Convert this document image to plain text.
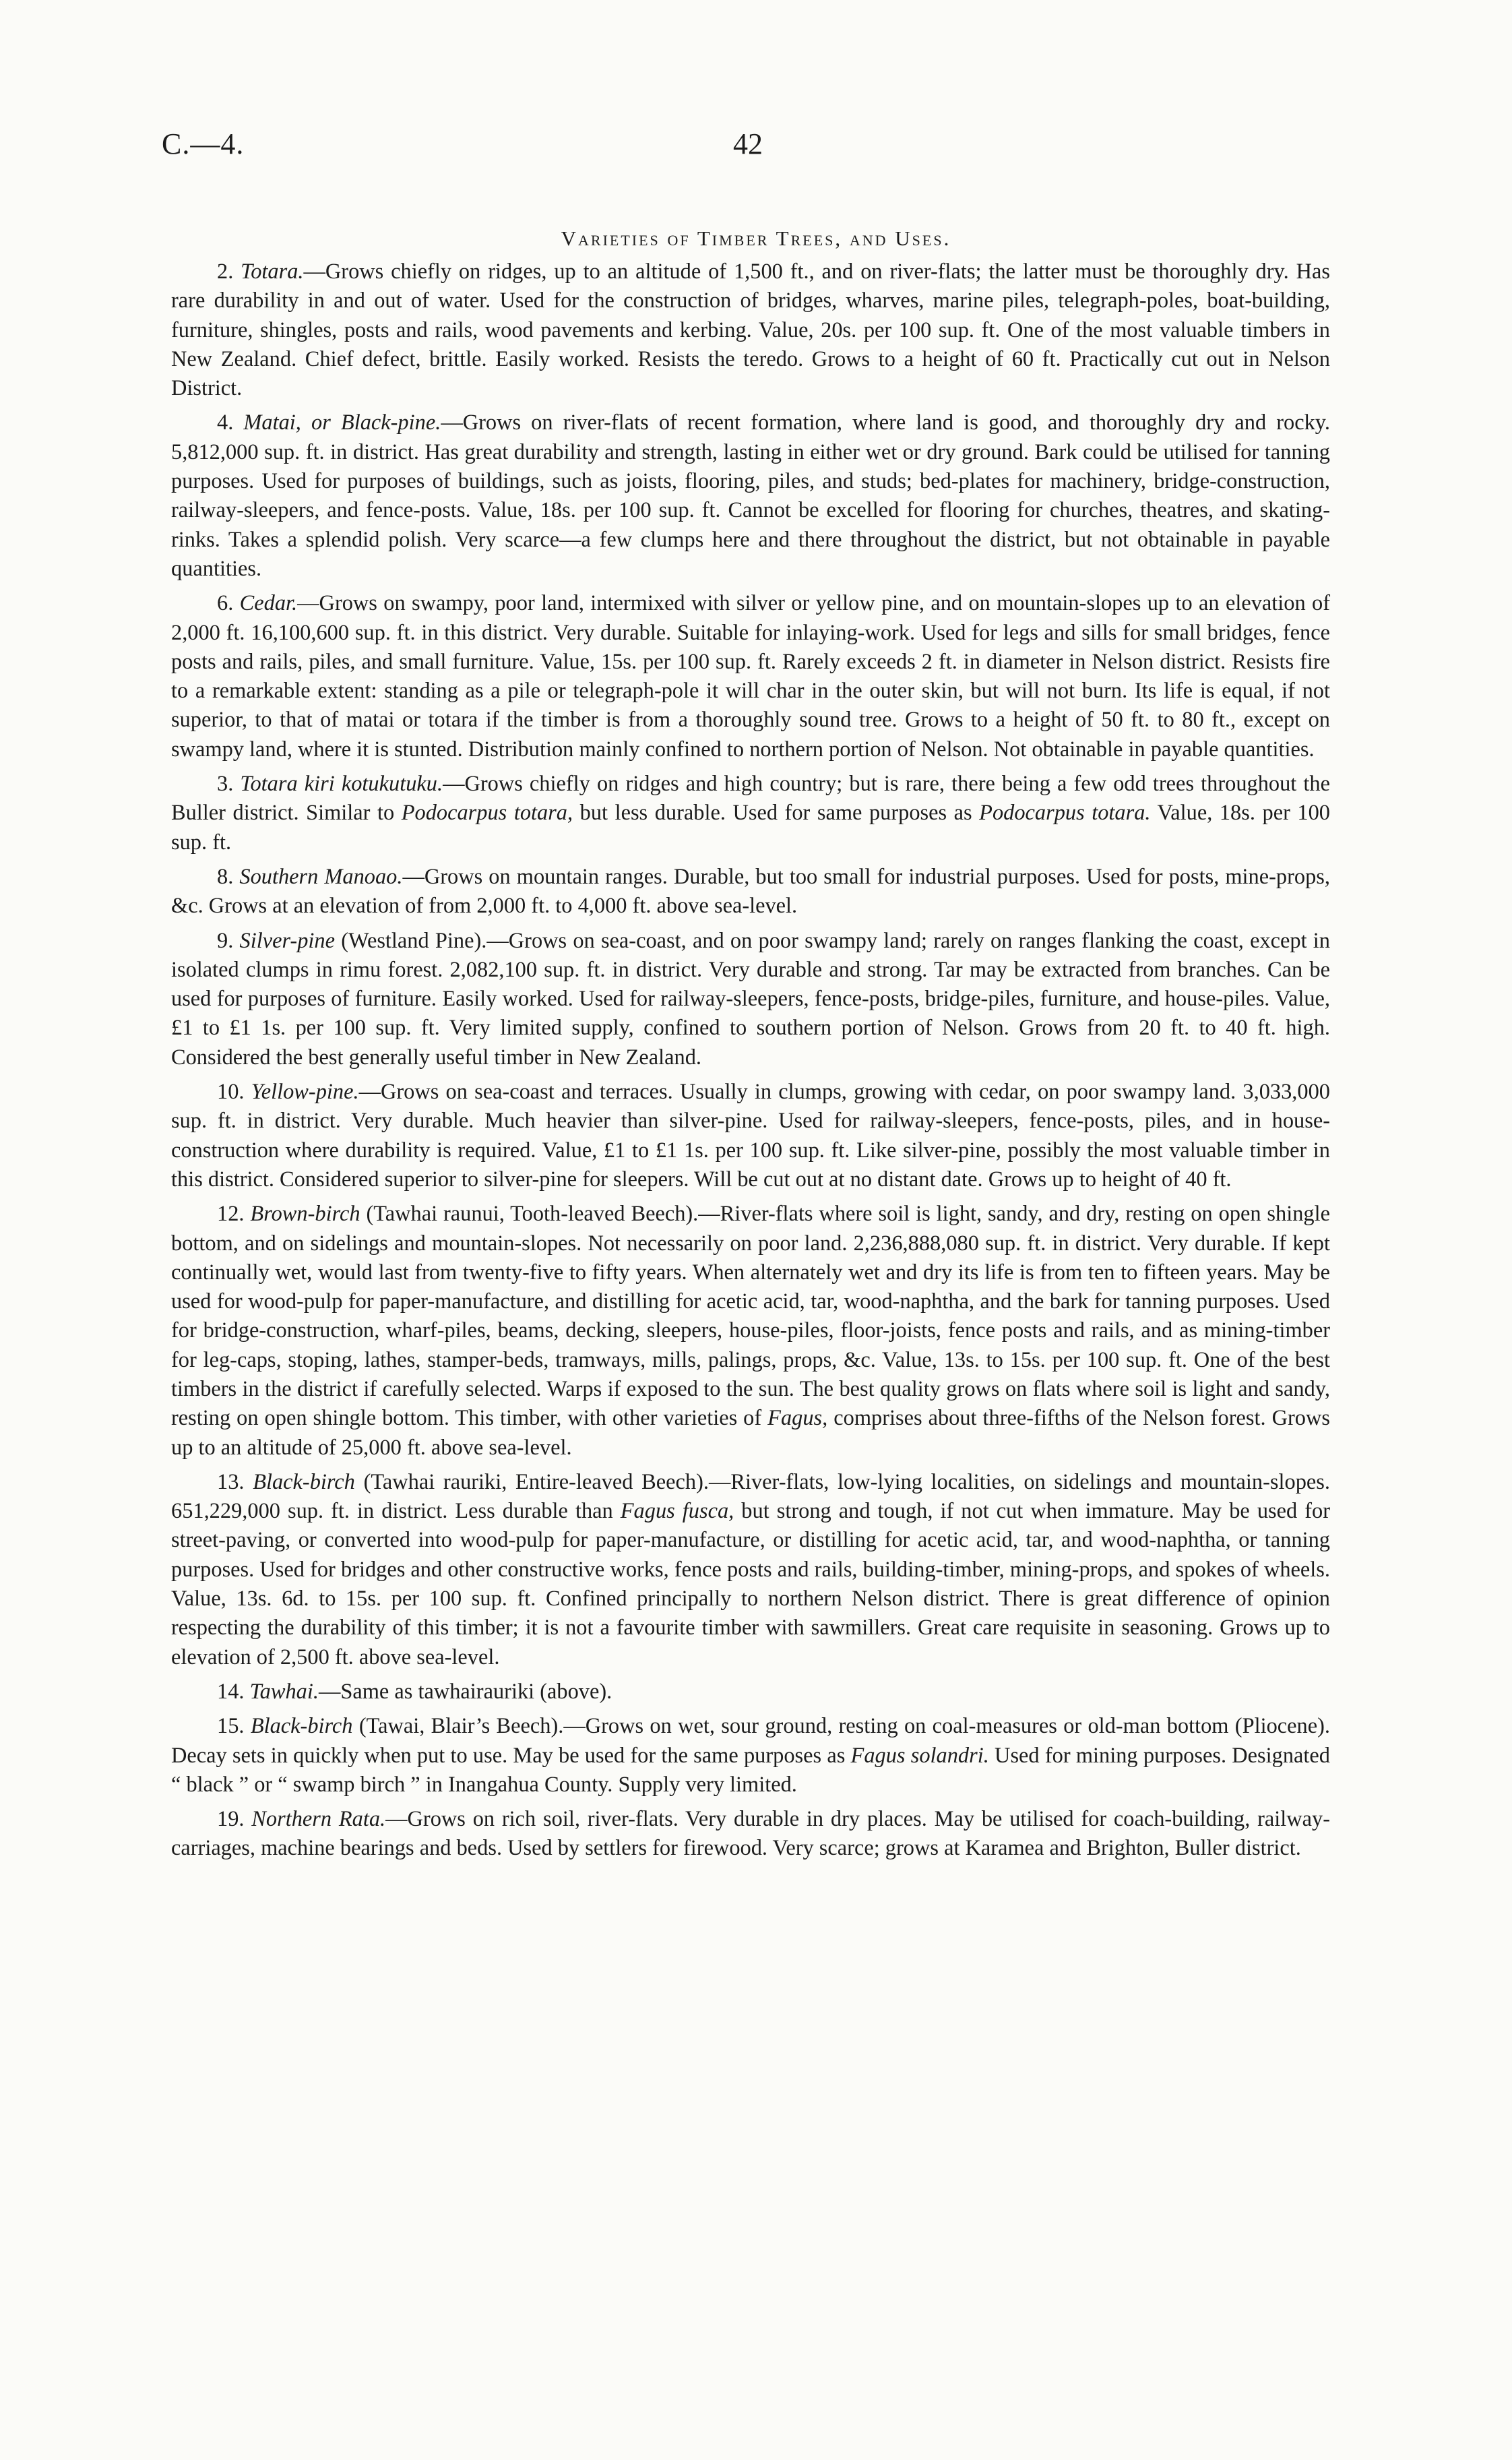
C.—4.	42
Varieties of Timber Trees, and Uses.

2. Totara.—Grows chiefly on ridges, up to an altitude of 1,500 ft., and on river-flats; the latter must be thoroughly dry. Has rare durability in and out of water. Used for the construction of bridges, wharves, marine piles, telegraph-poles, boat-building, furniture, shingles, posts and rails, wood pavements and kerbing. Value, 20s. per 100 sup. ft. One of the most valuable timbers in New Zealand. Chief defect, brittle. Easily worked. Resists the teredo. Grows to a height of 60 ft. Practically cut out in Nelson District.

4. Matai, or Black-pine.—Grows on river-flats of recent formation, where land is good, and thoroughly dry and rocky. 5,812,000 sup. ft. in district. Has great durability and strength, lasting in either wet or dry ground. Bark could be utilised for tanning purposes. Used for purposes of buildings, such as joists, flooring, piles, and studs; bed-plates for machinery, bridge-construction, railway-sleepers, and fence-posts. Value, 18s. per 100 sup. ft. Cannot be excelled for flooring for churches, theatres, and skating-rinks. Takes a splendid polish. Very scarce—a few clumps here and there throughout the district, but not obtainable in payable quantities.

6. Cedar.—Grows on swampy, poor land, intermixed with silver or yellow pine, and on mountain-slopes up to an elevation of 2,000 ft. 16,100,600 sup. ft. in this district. Very durable. Suitable for inlaying-work. Used for legs and sills for small bridges, fence posts and rails, piles, and small furniture. Value, 15s. per 100 sup. ft. Rarely exceeds 2 ft. in diameter in Nelson district. Resists fire to a remarkable extent: standing as a pile or telegraph-pole it will char in the outer skin, but will not burn. Its life is equal, if not superior, to that of matai or totara if the timber is from a thoroughly sound tree. Grows to a height of 50 ft. to 80 ft., except on swampy land, where it is stunted. Distribution mainly confined to northern portion of Nelson. Not obtainable in payable quantities.

3. Totara kiri kotukutuku.—Grows chiefly on ridges and high country; but is rare, there being a few odd trees throughout the Buller district. Similar to Podocarpus totara, but less durable. Used for same purposes as Podocarpus totara. Value, 18s. per 100 sup. ft.

8. Southern Manoao.—Grows on mountain ranges. Durable, but too small for industrial purposes. Used for posts, mine-props, &c. Grows at an elevation of from 2,000 ft. to 4,000 ft. above sea-level.

9. Silver-pine (Westland Pine).—Grows on sea-coast, and on poor swampy land; rarely on ranges flanking the coast, except in isolated clumps in rimu forest. 2,082,100 sup. ft. in district. Very durable and strong. Tar may be extracted from branches. Can be used for purposes of furniture. Easily worked. Used for railway-sleepers, fence-posts, bridge-piles, furniture, and house-piles. Value, £1 to £1 1s. per 100 sup. ft. Very limited supply, confined to southern portion of Nelson. Grows from 20 ft. to 40 ft. high. Considered the best generally useful timber in New Zealand.

10. Yellow-pine.—Grows on sea-coast and terraces. Usually in clumps, growing with cedar, on poor swampy land. 3,033,000 sup. ft. in district. Very durable. Much heavier than silver-pine. Used for railway-sleepers, fence-posts, piles, and in house-construction where durability is required. Value, £1 to £1 1s. per 100 sup. ft. Like silver-pine, possibly the most valuable timber in this district. Considered superior to silver-pine for sleepers. Will be cut out at no distant date. Grows up to height of 40 ft.

12. Brown-birch (Tawhai raunui, Tooth-leaved Beech).—River-flats where soil is light, sandy, and dry, resting on open shingle bottom, and on sidelings and mountain-slopes. Not necessarily on poor land. 2,236,888,080 sup. ft. in district. Very durable. If kept continually wet, would last from twenty-five to fifty years. When alternately wet and dry its life is from ten to fifteen years. May be used for wood-pulp for paper-manufacture, and distilling for acetic acid, tar, wood-naphtha, and the bark for tanning purposes. Used for bridge-construction, wharf-piles, beams, decking, sleepers, house-piles, floor-joists, fence posts and rails, and as mining-timber for leg-caps, stoping, lathes, stamper-beds, tramways, mills, palings, props, &c. Value, 13s. to 15s. per 100 sup. ft. One of the best timbers in the district if carefully selected. Warps if exposed to the sun. The best quality grows on flats where soil is light and sandy, resting on open shingle bottom. This timber, with other varieties of Fagus, comprises about three-fifths of the Nelson forest. Grows up to an altitude of 25,000 ft. above sea-level.

13. Black-birch (Tawhai rauriki, Entire-leaved Beech).—River-flats, low-lying localities, on sidelings and mountain-slopes. 651,229,000 sup. ft. in district. Less durable than Fagus fusca, but strong and tough, if not cut when immature. May be used for street-paving, or converted into wood-pulp for paper-manufacture, or distilling for acetic acid, tar, and wood-naphtha, or tanning purposes. Used for bridges and other constructive works, fence posts and rails, building-timber, mining-props, and spokes of wheels. Value, 13s. 6d. to 15s. per 100 sup. ft. Confined principally to northern Nelson district. There is great difference of opinion respecting the durability of this timber; it is not a favourite timber with sawmillers. Great care requisite in seasoning. Grows up to elevation of 2,500 ft. above sea-level.

14. Tawhai.—Same as tawhairauriki (above).

15. Black-birch (Tawai, Blair’s Beech).—Grows on wet, sour ground, resting on coal-measures or old-man bottom (Pliocene). Decay sets in quickly when put to use. May be used for the same purposes as Fagus solandri. Used for mining purposes. Designated “ black ” or “ swamp birch ” in Inangahua County. Supply very limited.

19. Northern Rata.—Grows on rich soil, river-flats. Very durable in dry places. May be utilised for coach-building, railway-carriages, machine bearings and beds. Used by settlers for firewood. Very scarce; grows at Karamea and Brighton, Buller district.
